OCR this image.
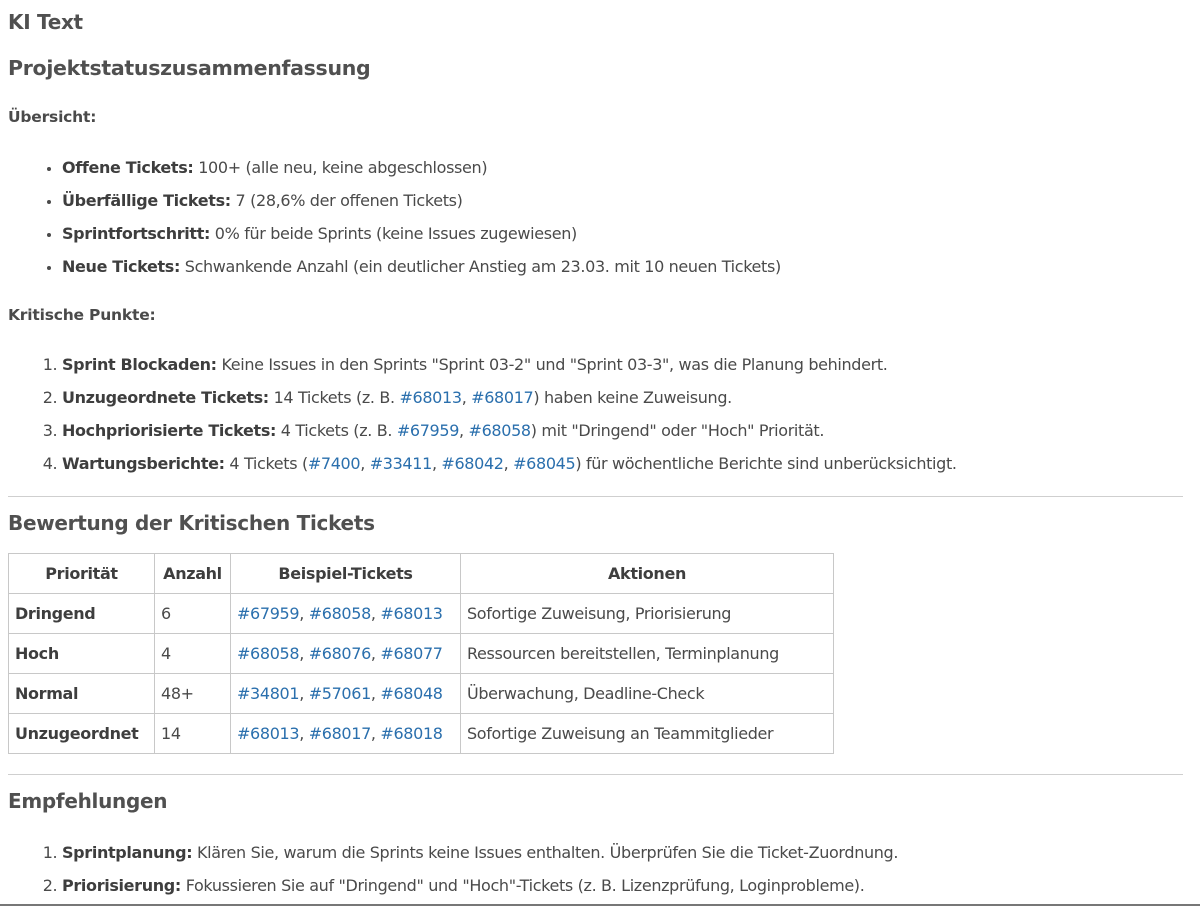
KI Text
Projektstatuszusammenfassung
Übersicht:
• Offene Tickets: 100+ (alle neu, keine abgeschlossen)
• Überfällige Tickets: 7 (28,6% der offenen Tickets)
• Sprintfortschritt: 0% für beide Sprints (keine Issues zugewiesen)
• Neue Tickets: Schwankende Anzahl (ein deutlicher Anstieg am 23.03. mit 10 neuen Tickets)
Kritische Punkte:
1. Sprint Blockaden: Keine Issues in den Sprints "Sprint 03-2" und "Sprint 03-3", was die Planung behindert.
2. Unzugeordnete Tickets: 14 Tickets (z. B. #68013, #68017) haben keine Zuweisung.
3. Hochpriorisierte Tickets: 4 Tickets (z. B. #67959, #68058) mit "Dringend" oder "Hoch" Priorität.
4. Wartungsberichte: 4 Tickets (#7400, #33411, #68042, #68045) für wöchentliche Berichte sind unberücksichtigt.
Bewertung der Kritischen Tickets
Priorität	Anzahl	Beispiel-Tickets	Aktionen
Dringend	6	#67959, #68058, #68013	Sofortige Zuweisung, Priorisierung
Hoch	4	#68058, #68076, #68077	Ressourcen bereitstellen, Terminplanung
Normal	48+	#34801, #57061, #68048	Überwachung, Deadline-Check
Unzugeordnet	14	#68013, #68017, #68018	Sofortige Zuweisung an Teammitglieder
Empfehlungen
1. Sprintplanung: Klären Sie, warum die Sprints keine Issues enthalten. Überprüfen Sie die Ticket-Zuordnung.
2. Priorisierung: Fokussieren Sie auf "Dringend" und "Hoch"-Tickets (z. B. Lizenzprüfung, Loginprobleme).
